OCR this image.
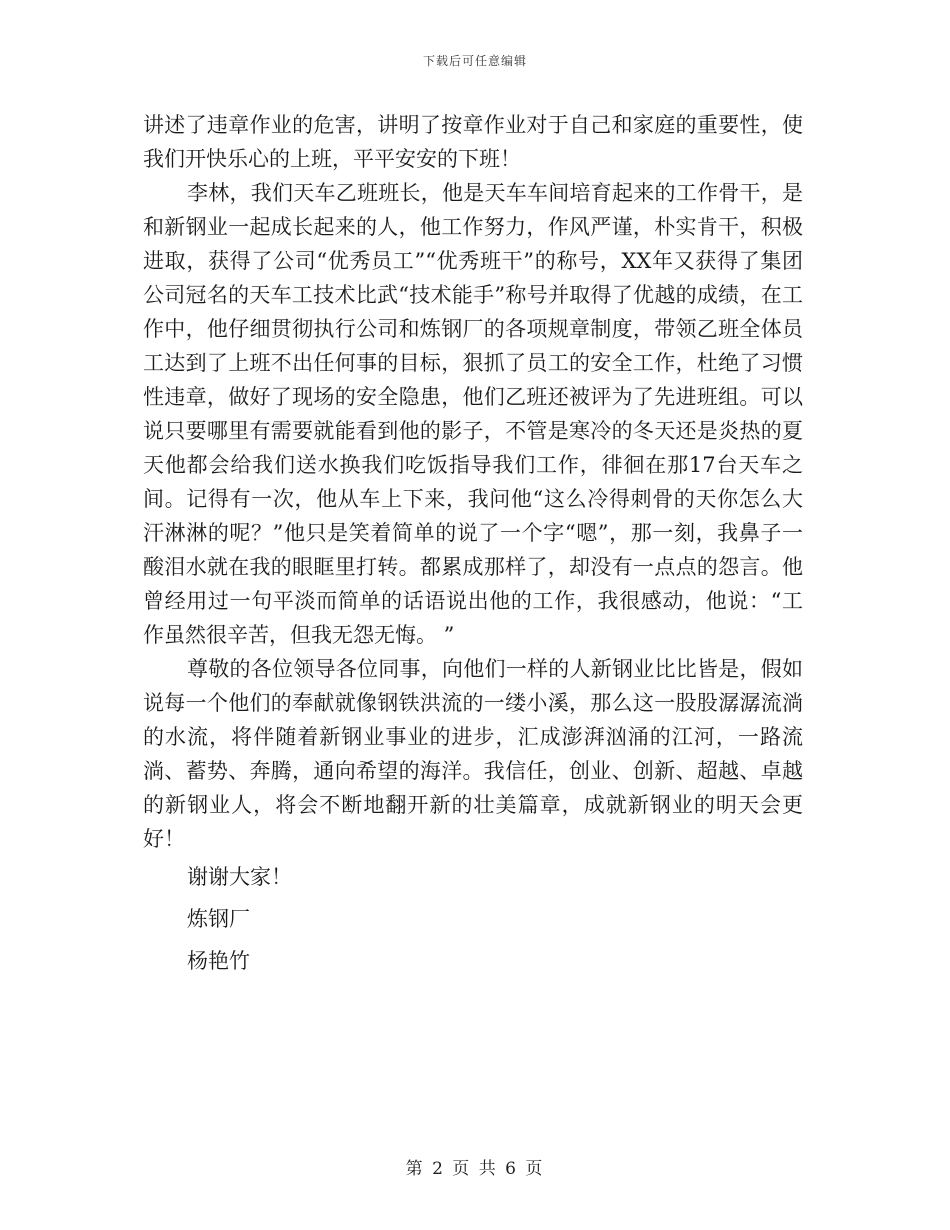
下载后可任意编辑

讲述了违章作业的危害，讲明了按章作业对于自己和家庭的重要性，使我们开快乐心的上班，平平安安的下班！

李林，我们天车乙班班长，他是天车车间培育起来的工作骨干，是和新钢业一起成长起来的人，他工作努力，作风严谨，朴实肯干，积极进取，获得了公司“优秀员工”“优秀班干”的称号，XX年又获得了集团公司冠名的天车工技术比武“技术能手”称号并取得了优越的成绩，在工作中，他仔细贯彻执行公司和炼钢厂的各项规章制度，带领乙班全体员工达到了上班不出任何事的目标，狠抓了员工的安全工作，杜绝了习惯性违章，做好了现场的安全隐患，他们乙班还被评为了先进班组。可以说只要哪里有需要就能看到他的影子，不管是寒冷的冬天还是炎热的夏天他都会给我们送水换我们吃饭指导我们工作，徘徊在那17台天车之间。记得有一次，他从车上下来，我问他“这么冷得刺骨的天你怎么大汗淋淋的呢？”他只是笑着简单的说了一个字“嗯”，那一刻，我鼻子一酸泪水就在我的眼眶里打转。都累成那样了，却没有一点点的怨言。他曾经用过一句平淡而简单的话语说出他的工作，我很感动，他说：“工作虽然很辛苦，但我无怨无悔。 ”

尊敬的各位领导各位同事，向他们一样的人新钢业比比皆是，假如说每一个他们的奉献就像钢铁洪流的一缕小溪，那么这一股股潺潺流淌的水流，将伴随着新钢业事业的进步，汇成澎湃汹涌的江河，一路流淌、蓄势、奔腾，通向希望的海洋。我信任，创业、创新、超越、卓越的新钢业人，将会不断地翻开新的壮美篇章，成就新钢业的明天会更好！

谢谢大家！

炼钢厂

杨艳竹

第 2 页 共 6 页
